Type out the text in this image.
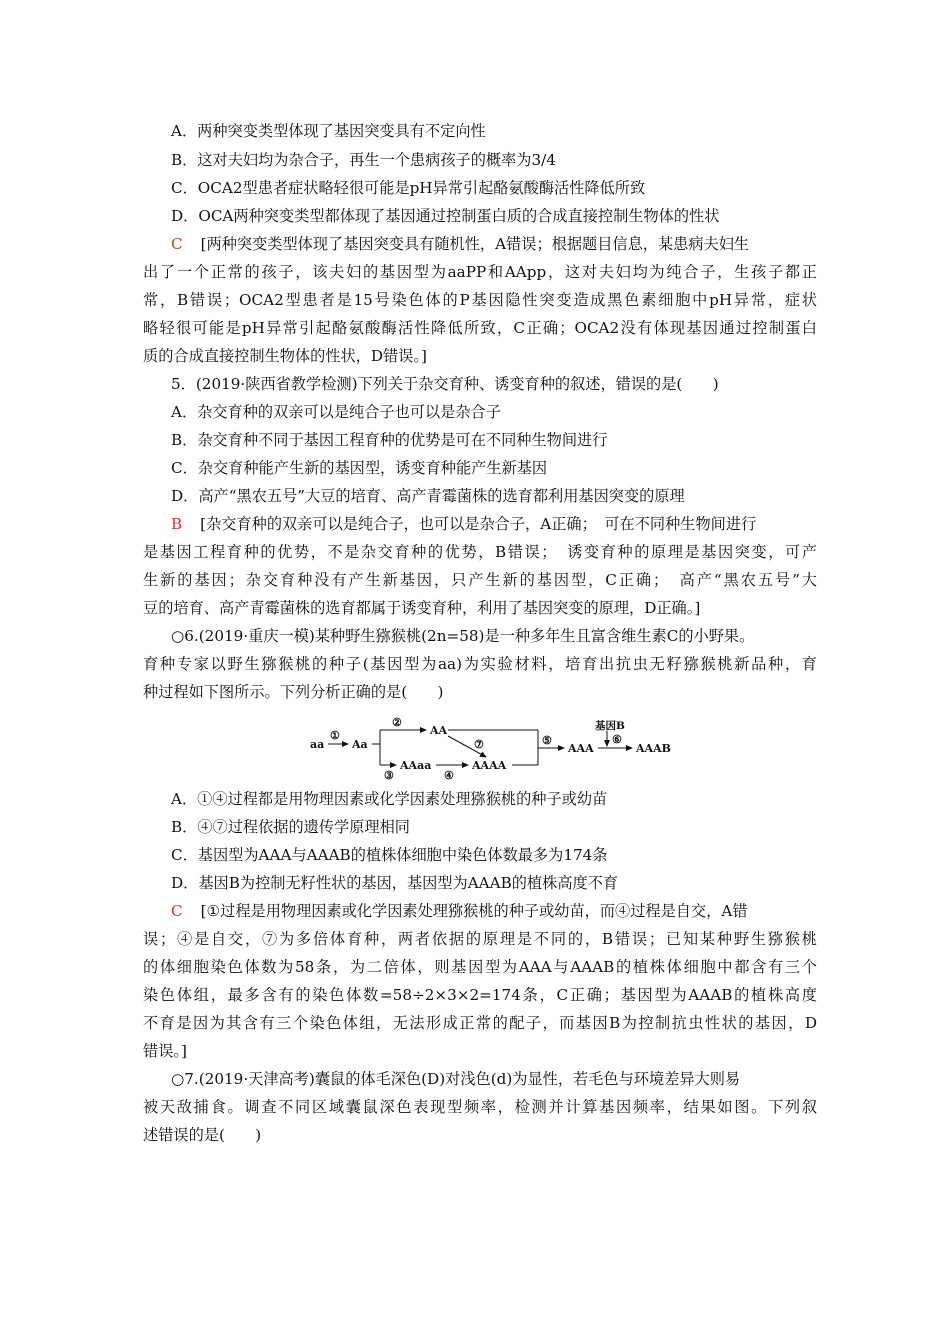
A．两种突变类型体现了基因突变具有不定向性
B．这对夫妇均为杂合子，再生一个患病孩子的概率为3/4
C．OCA2型患者症状略轻很可能是pH异常引起酪氨酸酶活性降低所致
D．OCA两种突变类型都体现了基因通过控制蛋白质的合成直接控制生物体的性状
C [两种突变类型体现了基因突变具有随机性，A错误；根据题目信息，某患病夫妇生
出了一个正常的孩子，该夫妇的基因型为aaPP和AApp，这对夫妇均为纯合子，生孩子都正
常，B错误；OCA2型患者是15号染色体的P基因隐性突变造成黑色素细胞中pH异常，症状
略轻很可能是pH异常引起酪氨酸酶活性降低所致，C正确；OCA2没有体现基因通过控制蛋白
质的合成直接控制生物体的性状，D错误。]
5．(2019·陕西省教学检测)下列关于杂交育种、诱变育种的叙述，错误的是(　　)
A．杂交育种的双亲可以是纯合子也可以是杂合子
B．杂交育种不同于基因工程育种的优势是可在不同种生物间进行
C．杂交育种能产生新的基因型，诱变育种能产生新基因
D．高产“黑农五号”大豆的培育、高产青霉菌株的选育都利用基因突变的原理
B [杂交育种的双亲可以是纯合子，也可以是杂合子，A正确；　可在不同种生物间进行
是基因工程育种的优势，不是杂交育种的优势，B错误；　诱变育种的原理是基因突变，可产
生新的基因；杂交育种没有产生新基因，只产生新的基因型，C正确；　高产“黑农五号”大
豆的培育、高产青霉菌株的选育都属于诱变育种，利用了基因突变的原理，D正确。]
○6.(2019·重庆一模)某种野生猕猴桃(2n=58)是一种多年生且富含维生素C的小野果。
育种专家以野生猕猴桃的种子(基因型为aa)为实验材料，培育出抗虫无籽猕猴桃新品种，育
种过程如下图所示。下列分析正确的是(　　)
aa
①
Aa
②
AA
③
AAaa
④
AAAA
⑦	⑤
AAA
基因B
⑥
AAAB
A．①④过程都是用物理因素或化学因素处理猕猴桃的种子或幼苗
B．④⑦过程依据的遗传学原理相同
C．基因型为AAA与AAAB的植株体细胞中染色体数最多为174条
D．基因B为控制无籽性状的基因，基因型为AAAB的植株高度不育
C [①过程是用物理因素或化学因素处理猕猴桃的种子或幼苗，而④过程是自交，A错
误；④是自交，⑦为多倍体育种，两者依据的原理是不同的，B错误；已知某种野生猕猴桃
的体细胞染色体数为58条，为二倍体，则基因型为AAA与AAAB的植株体细胞中都含有三个
染色体组，最多含有的染色体数=58÷2×3×2=174条，C正确；基因型为AAAB的植株高度
不育是因为其含有三个染色体组，无法形成正常的配子，而基因B为控制抗虫性状的基因，D
错误。]
○7.(2019·天津高考)囊鼠的体毛深色(D)对浅色(d)为显性，若毛色与环境差异大则易
被天敌捕食。调查不同区域囊鼠深色表现型频率，检测并计算基因频率，结果如图。下列叙
述错误的是(　　)
